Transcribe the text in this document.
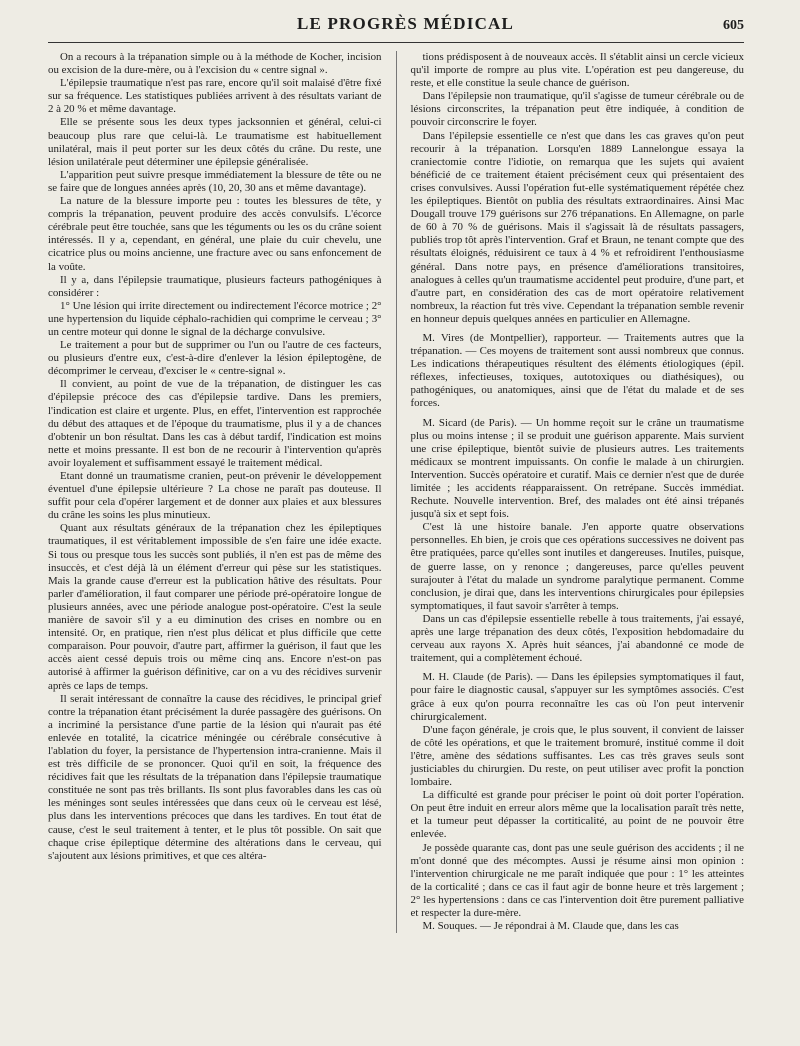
LE PROGRÈS MÉDICAL	605

On a recours à la trépanation simple ou à la méthode de Kocher, incision ou excision de la dure-mère, ou à l'excision du « centre signal ».

L'épilepsie traumatique n'est pas rare, encore qu'il soit malaisé d'être fixé sur sa fréquence. Les statistiques publiées arrivent à des résultats variant de 2 à 20 % et même davantage.

Elle se présente sous les deux types jacksonnien et général, celui-ci beaucoup plus rare que celui-là. Le traumatisme est habituellement unilatéral, mais il peut porter sur les deux côtés du crâne. Du reste, une lésion unilatérale peut déterminer une épilepsie généralisée.

L'apparition peut suivre presque immédiatement la blessure de tête ou ne se faire que de longues années après (10, 20, 30 ans et même davantage).

La nature de la blessure importe peu : toutes les blessures de tête, y compris la trépanation, peuvent produire des accès convulsifs. L'écorce cérébrale peut être touchée, sans que les téguments ou les os du crâne soient intéressés. Il y a, cependant, en général, une plaie du cuir chevelu, une cicatrice plus ou moins ancienne, une fracture avec ou sans enfoncement de la voûte.

Il y a, dans l'épilepsie traumatique, plusieurs facteurs pathogéniques à considérer :

1° Une lésion qui irrite directement ou indirectement l'écorce motrice ; 2° une hypertension du liquide céphalo-rachidien qui comprime le cerveau ; 3° un centre moteur qui donne le signal de la décharge convulsive.

Le traitement a pour but de supprimer ou l'un ou l'autre de ces facteurs, ou plusieurs d'entre eux, c'est-à-dire d'enlever la lésion épileptogène, de décomprimer le cerveau, d'exciser le « centre-signal ».

Il convient, au point de vue de la trépanation, de distinguer les cas d'épilepsie précoce des cas d'épilepsie tardive. Dans les premiers, l'indication est claire et urgente. Plus, en effet, l'intervention est rapprochée du début des attaques et de l'époque du traumatisme, plus il y a de chances d'obtenir un bon résultat. Dans les cas à début tardif, l'indication est moins nette et moins pressante. Il est bon de ne recourir à l'intervention qu'après avoir loyalement et suffisamment essayé le traitement médical.

Etant donné un traumatisme cranien, peut-on prévenir le développement éventuel d'une épilepsie ultérieure ? La chose ne paraît pas douteuse. Il suffit pour cela d'opérer largement et de donner aux plaies et aux blessures du crâne les soins les plus minutieux.

Quant aux résultats généraux de la trépanation chez les épileptiques traumatiques, il est véritablement impossible de s'en faire une idée exacte. Si tous ou presque tous les succès sont publiés, il n'en est pas de même des insuccès, et c'est déjà là un élément d'erreur qui pèse sur les statistiques. Mais la grande cause d'erreur est la publication hâtive des résultats. Pour parler d'amélioration, il faut comparer une période pré-opératoire longue de plusieurs années, avec une période analogue post-opératoire. C'est la seule manière de savoir s'il y a eu diminution des crises en nombre ou en intensité. Or, en pratique, rien n'est plus délicat et plus difficile que cette comparaison. Pour pouvoir, d'autre part, affirmer la guérison, il faut que les accès aient cessé depuis trois ou même cinq ans. Encore n'est-on pas autorisé à affirmer la guérison définitive, car on a vu des récidives survenir après ce laps de temps.

Il serait intéressant de connaître la cause des récidives, le principal grief contre la trépanation étant précisément la durée passagère des guérisons. On a incriminé la persistance d'une partie de la lésion qui n'aurait pas été enlevée en totalité, la cicatrice méningée ou cérébrale consécutive à l'ablation du foyer, la persistance de l'hypertension intra-cranienne. Mais il est très difficile de se prononcer. Quoi qu'il en soit, la fréquence des récidives fait que les résultats de la trépanation dans l'épilepsie traumatique constituée ne sont pas très brillants. Ils sont plus favorables dans les cas où les méninges sont seules intéressées que dans ceux où le cerveau est lésé, plus dans les interventions précoces que dans les tardives. En tout état de cause, c'est le seul traitement à tenter, et le plus tôt possible. On sait que chaque crise épileptique détermine des altérations dans le cerveau, qui s'ajoutent aux lésions primitives, et que ces altéra-

tions prédisposent à de nouveaux accès. Il s'établit ainsi un cercle vicieux qu'il importe de rompre au plus vite. L'opération est peu dangereuse, du reste, et elle constitue la seule chance de guérison.

Dans l'épilepsie non traumatique, qu'il s'agisse de tumeur cérébrale ou de lésions circonscrites, la trépanation peut être indiquée, à condition de pouvoir circonscrire le foyer.

Dans l'épilepsie essentielle ce n'est que dans les cas graves qu'on peut recourir à la trépanation. Lorsqu'en 1889 Lannelongue essaya la craniectomie contre l'idiotie, on remarqua que les sujets qui avaient bénéficié de ce traitement étaient précisément ceux qui présentaient des crises convulsives. Aussi l'opération fut-elle systématiquement répétée chez les épileptiques. Bientôt on publia des résultats extraordinaires. Ainsi Mac Dougall trouve 179 guérisons sur 276 trépanations. En Allemagne, on parle de 60 à 70 % de guérisons. Mais il s'agissait là de résultats passagers, publiés trop tôt après l'intervention. Graf et Braun, ne tenant compte que des résultats éloignés, réduisirent ce taux à 4 % et refroidirent l'enthousiasme général. Dans notre pays, en présence d'améliorations transitoires, analogues à celles qu'un traumatisme accidentel peut produire, d'une part, et d'autre part, en considération des cas de mort opératoire relativement nombreux, la réaction fut très vive. Cependant la trépanation semble revenir en honneur depuis quelques années en particulier en Allemagne.

M. Vires (de Montpellier), rapporteur. — Traitements autres que la trépanation. — Ces moyens de traitement sont aussi nombreux que connus. Les indications thérapeutiques résultent des éléments étiologiques (épil. réflexes, infectieuses, toxiques, autotoxiques ou diathésiques), ou pathogéniques, ou anatomiques, ainsi que de l'état du malade et de ses forces.

M. Sicard (de Paris). — Un homme reçoit sur le crâne un traumatisme plus ou moins intense ; il se produit une guérison apparente. Mais survient une crise épileptique, bientôt suivie de plusieurs autres. Les traitements médicaux se montrent impuissants. On confie le malade à un chirurgien. Intervention. Succès opératoire et curatif. Mais ce dernier n'est que de durée limitée ; les accidents réapparaissent. On retrépane. Succès immédiat. Rechute. Nouvelle intervention. Bref, des malades ont été ainsi trépanés jusqu'à six et sept fois.

C'est là une histoire banale. J'en apporte quatre observations personnelles. Eh bien, je crois que ces opérations successives ne doivent pas être pratiquées, parce qu'elles sont inutiles et dangereuses. Inutiles, puisque, de guerre lasse, on y renonce ; dangereuses, parce qu'elles peuvent surajouter à l'état du malade un syndrome paralytique permanent. Comme conclusion, je dirai que, dans les interventions chirurgicales pour épilepsies symptomatiques, il faut savoir s'arrêter à temps.

Dans un cas d'épilepsie essentielle rebelle à tous traitements, j'ai essayé, après une large trépanation des deux côtés, l'exposition hebdomadaire du cerveau aux rayons X. Après huit séances, j'ai abandonné ce mode de traitement, qui a complètement échoué.

M. H. Claude (de Paris). — Dans les épilepsies symptomatiques il faut, pour faire le diagnostic causal, s'appuyer sur les symptômes associés. C'est grâce à eux qu'on pourra reconnaître les cas où l'on peut intervenir chirurgicalement.

D'une façon générale, je crois que, le plus souvent, il convient de laisser de côté les opérations, et que le traitement bromuré, institué comme il doit l'être, amène des sédations suffisantes. Les cas très graves seuls sont justiciables du chirurgien. Du reste, on peut utiliser avec profit la ponction lombaire.

La difficulté est grande pour préciser le point où doit porter l'opération. On peut être induit en erreur alors même que la localisation paraît très nette, et la tumeur peut dépasser la cortiticalité, au point de ne pouvoir être enlevée.

Je possède quarante cas, dont pas une seule guérison des accidents ; il ne m'ont donné que des mécomptes. Aussi je résume ainsi mon opinion : l'intervention chirurgicale ne me paraît indiquée que pour : 1° les atteintes de la corticalité ; dans ce cas il faut agir de bonne heure et très largement ; 2° les hypertensions : dans ce cas l'intervention doit être purement palliative et respecter la dure-mère.

M. Souques. — Je répondrai à M. Claude que, dans les cas
